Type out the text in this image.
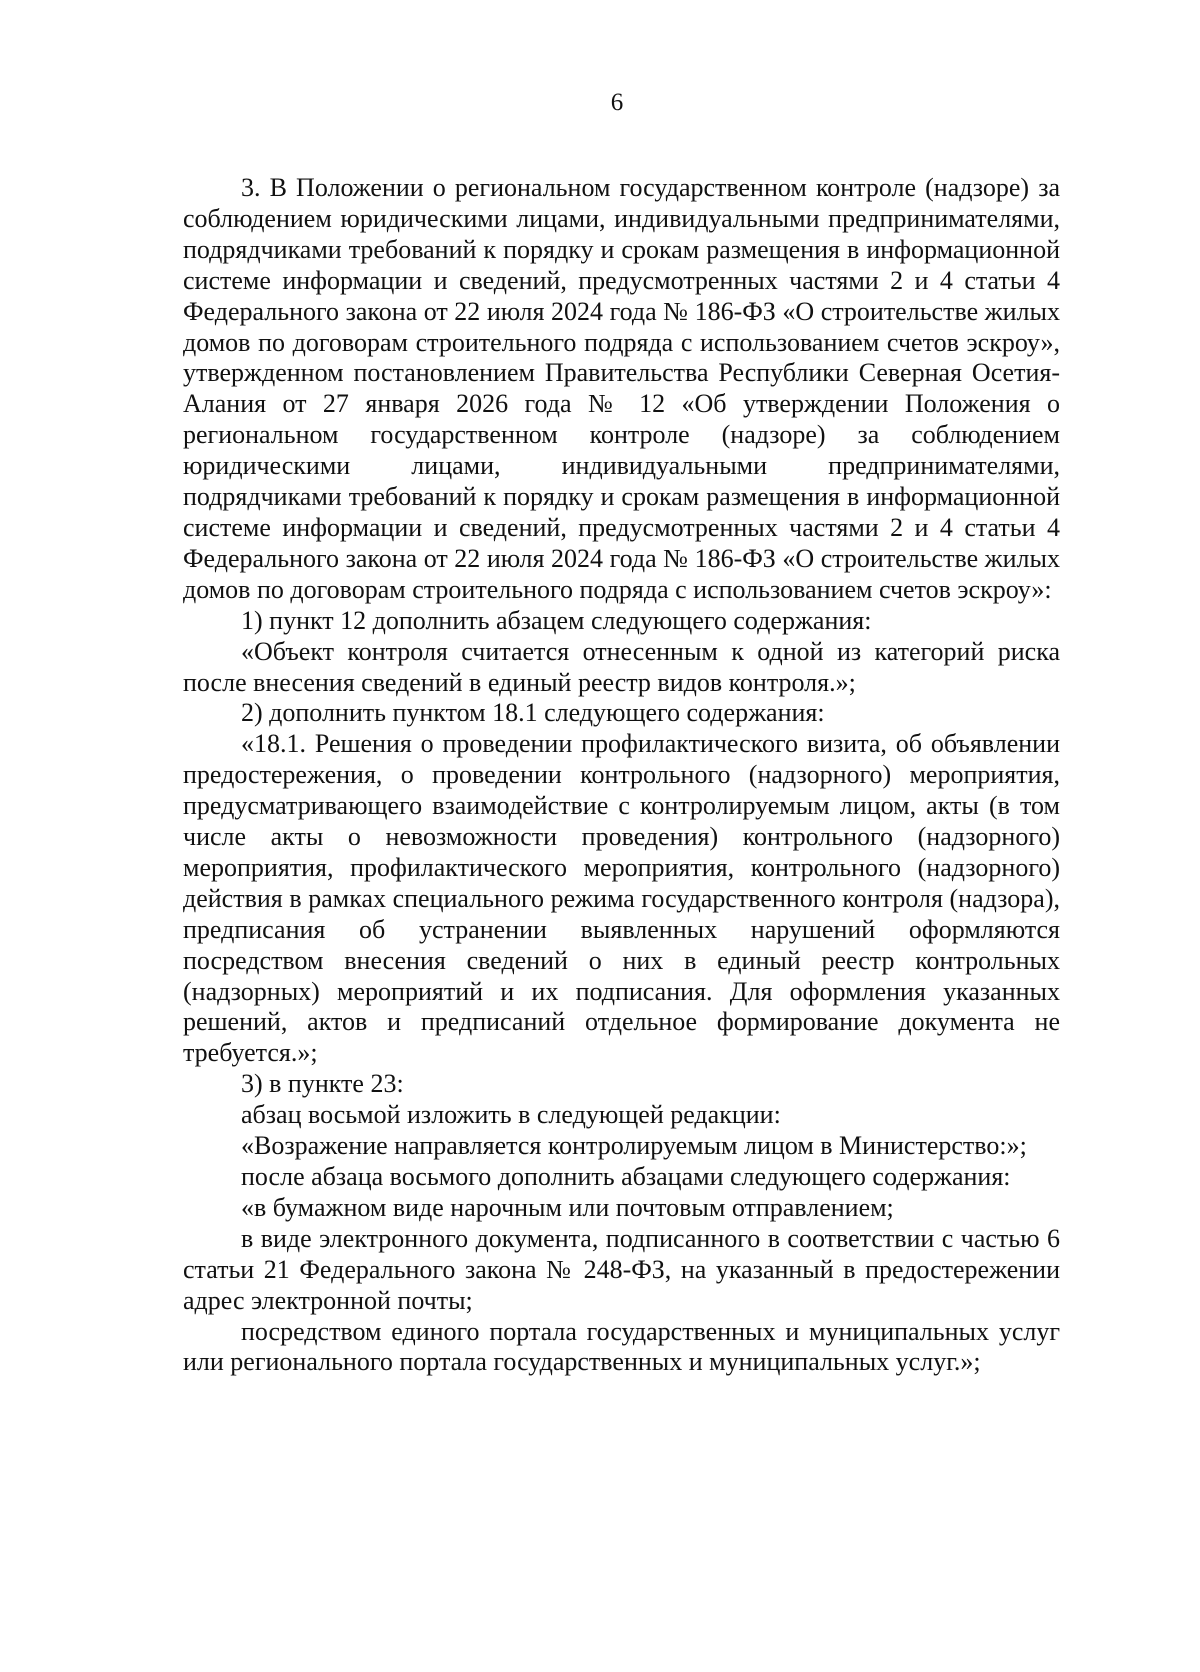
6

3. В Положении о региональном государственном контроле (надзоре) за соблюдением юридическими лицами, индивидуальными предпринимателями, подрядчиками требований к порядку и срокам размещения в информационной системе информации и сведений, предусмотренных частями 2 и 4 статьи 4 Федерального закона от 22 июля 2024 года № 186-ФЗ «О строительстве жилых домов по договорам строительного подряда с использованием счетов эскроу», утвержденном постановлением Правительства Республики Северная Осетия-Алания от 27 января 2026 года № 12 «Об утверждении Положения о региональном государственном контроле (надзоре) за соблюдением юридическими лицами, индивидуальными предпринимателями, подрядчиками требований к порядку и срокам размещения в информационной системе информации и сведений, предусмотренных частями 2 и 4 статьи 4 Федерального закона от 22 июля 2024 года № 186-ФЗ «О строительстве жилых домов по договорам строительного подряда с использованием счетов эскроу»:

1) пункт 12 дополнить абзацем следующего содержания:

«Объект контроля считается отнесенным к одной из категорий риска после внесения сведений в единый реестр видов контроля.»;

2) дополнить пунктом 18.1 следующего содержания:

«18.1. Решения о проведении профилактического визита, об объявлении предостережения, о проведении контрольного (надзорного) мероприятия, предусматривающего взаимодействие с контролируемым лицом, акты (в том числе акты о невозможности проведения) контрольного (надзорного) мероприятия, профилактического мероприятия, контрольного (надзорного) действия в рамках специального режима государственного контроля (надзора), предписания об устранении выявленных нарушений оформляются посредством внесения сведений о них в единый реестр контрольных (надзорных) мероприятий и их подписания. Для оформления указанных решений, актов и предписаний отдельное формирование документа не требуется.»;

3) в пункте 23:

абзац восьмой изложить в следующей редакции:

«Возражение направляется контролируемым лицом в Министерство:»;

после абзаца восьмого дополнить абзацами следующего содержания:

«в бумажном виде нарочным или почтовым отправлением;

в виде электронного документа, подписанного в соответствии с частью 6 статьи 21 Федерального закона № 248-ФЗ, на указанный в предостережении адрес электронной почты;

посредством единого портала государственных и муниципальных услуг или регионального портала государственных и муниципальных услуг.»;
